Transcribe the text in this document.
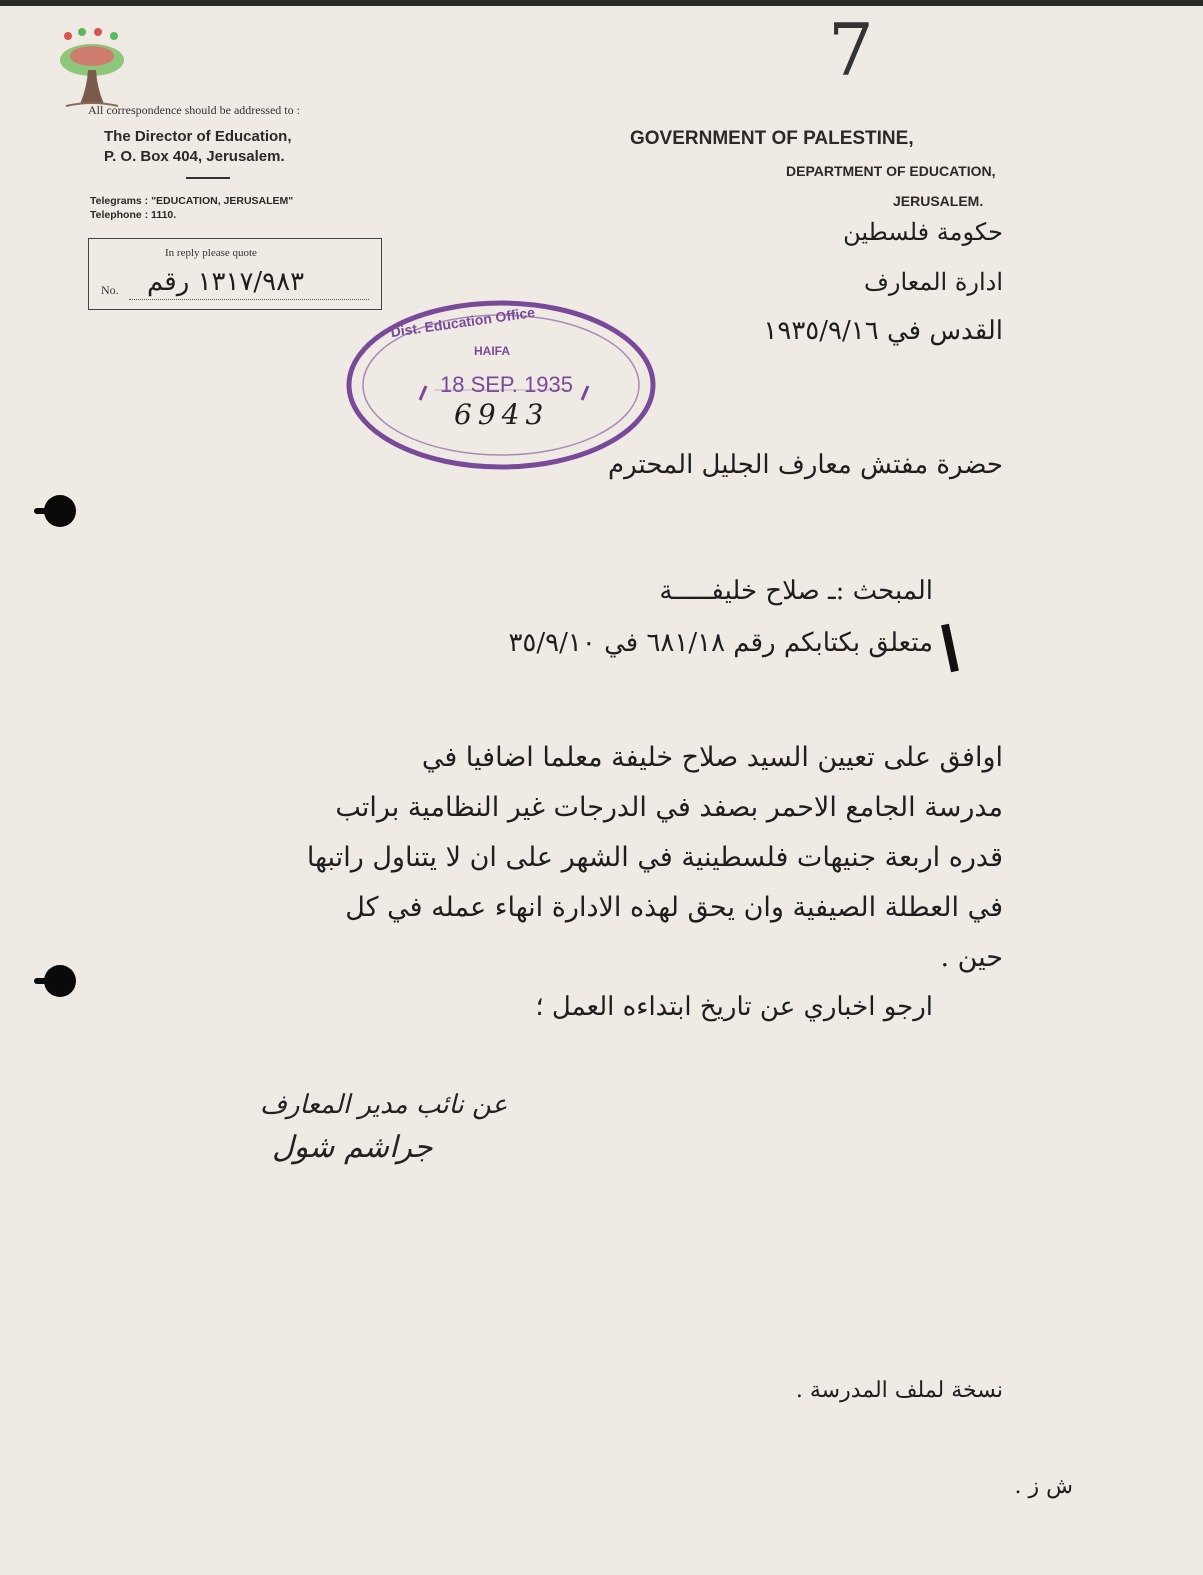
7
All correspondence should be addressed to :
The Director of Education,
P. O. Box 404, Jerusalem.
Telegrams : "EDUCATION, JERUSALEM"
Telephone : 1110.
In reply please quote
No. ١٣١٧/٩٨٣ رقم
GOVERNMENT OF PALESTINE,
DEPARTMENT OF EDUCATION,
JERUSALEM.
حكومة فلسطين
ادارة المعارف
القدس في ١٩٣٥/٩/١٦
Dist. Education Office
HAIFA
18 SEP. 1935
6943
حضرة مفتش معارف الجليل المحترم
المبحث :ـ صلاح خليفـــــة
متعلق بكتابكم رقم ٦٨١/١٨ في ٣٥/٩/١٠
اوافق على تعيين السيد صلاح خليفة معلما اضافيا في
مدرسة الجامع الاحمر بصفد في الدرجات غير النظامية براتب
قدره اربعة جنيهات فلسطينية في الشهر على ان لا يتناول راتبها
في العطلة الصيفية وان يحق لهذه الادارة انهاء عمله في كل
حين .
ارجو اخباري عن تاريخ ابتداءه العمل ؛
عن نائب مدير المعارف
جراشم شول
نسخة لملف المدرسة .
ش ز .
